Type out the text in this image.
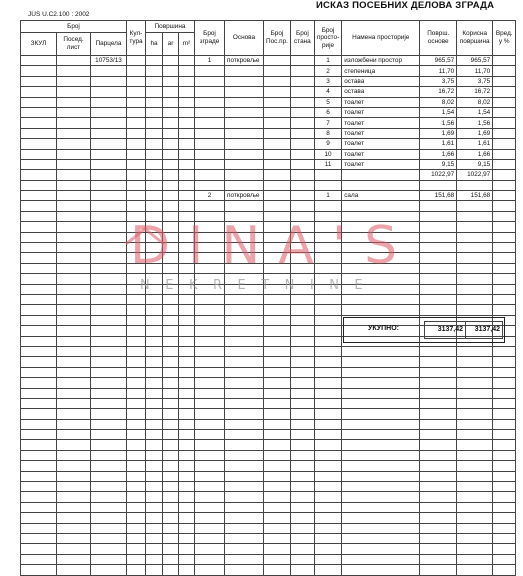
ИСКАЗ ПОСЕБНИХ ДЕЛОВА ЗГРАДА
JUS U.C2.100 : 2002
Број			Кул-тура	Површина			Број зграде	Основа	Број Пос.пр.	Број стана	Број просто-рије	Намена просторије	Површ. основе	Корисна површина	Вред. у %
ЗКУЛ	Посед. лист	Парцела		ha	ar	m²									
		10753/13					1	поткровље			1	изложбени простор	965,57	965,57	
											2	степеница	11,70	11,70	
											3	остава	3,75	3,75	
											4	остава	16,72	16,72	
											5	тоалет	8,02	8,02	
											6	тоалет	1,54	1,54	
											7	тоалет	1,56	1,56	
											8	тоалет	1,69	1,69	
											9	тоалет	1,61	1,61	
											10	тоалет	1,66	1,66	
											11	тоалет	9,15	9,15	
													1022,97	1022,97	

							2	поткровље			1	сала	151,68	151,68	

УКУПНО:	3137,42	3137,42
DINA'S
NEKRETNINE
